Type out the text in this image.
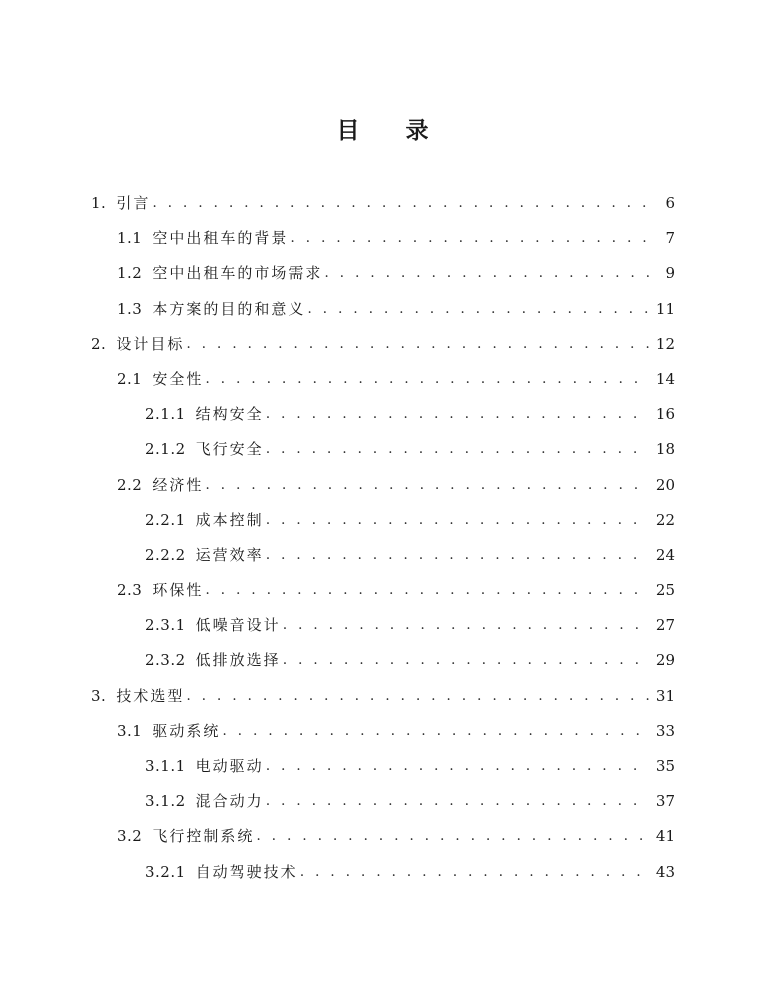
目 录
1. 引言 . . .	6
1.1 空中出租车的背景 . . .	7
1.2 空中出租车的市场需求 . . .	9
1.3 本方案的目的和意义 . . .	11
2. 设计目标 . . .	12
2.1 安全性 . . .	14
2.1.1 结构安全 . . .	16
2.1.2 飞行安全 . . .	18
2.2 经济性 . . .	20
2.2.1 成本控制 . . .	22
2.2.2 运营效率 . . .	24
2.3 环保性 . . .	25
2.3.1 低噪音设计 . . .	27
2.3.2 低排放选择 . . .	29
3. 技术选型 . . .	31
3.1 驱动系统 . . .	33
3.1.1 电动驱动 . . .	35
3.1.2 混合动力 . . .	37
3.2 飞行控制系统 . . .	41
3.2.1 自动驾驶技术 . . .	43
